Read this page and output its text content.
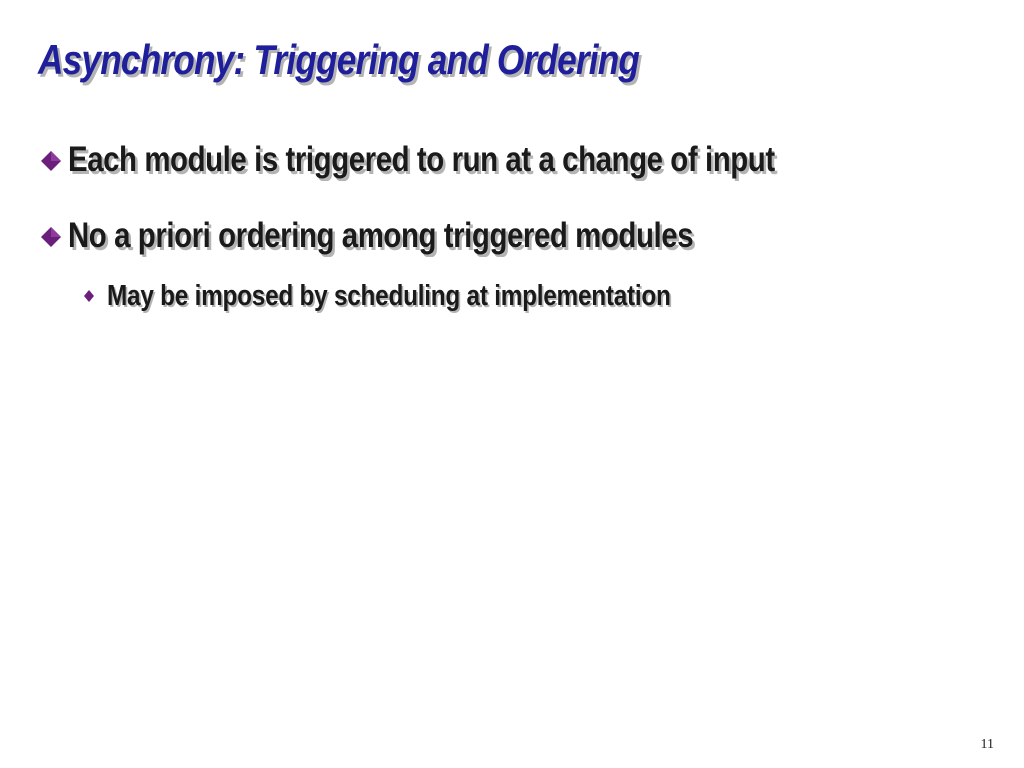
Asynchrony: Triggering and Ordering
Each module is triggered to run at a change of input
No a priori ordering among triggered modules
May be imposed by scheduling at implementation
11
